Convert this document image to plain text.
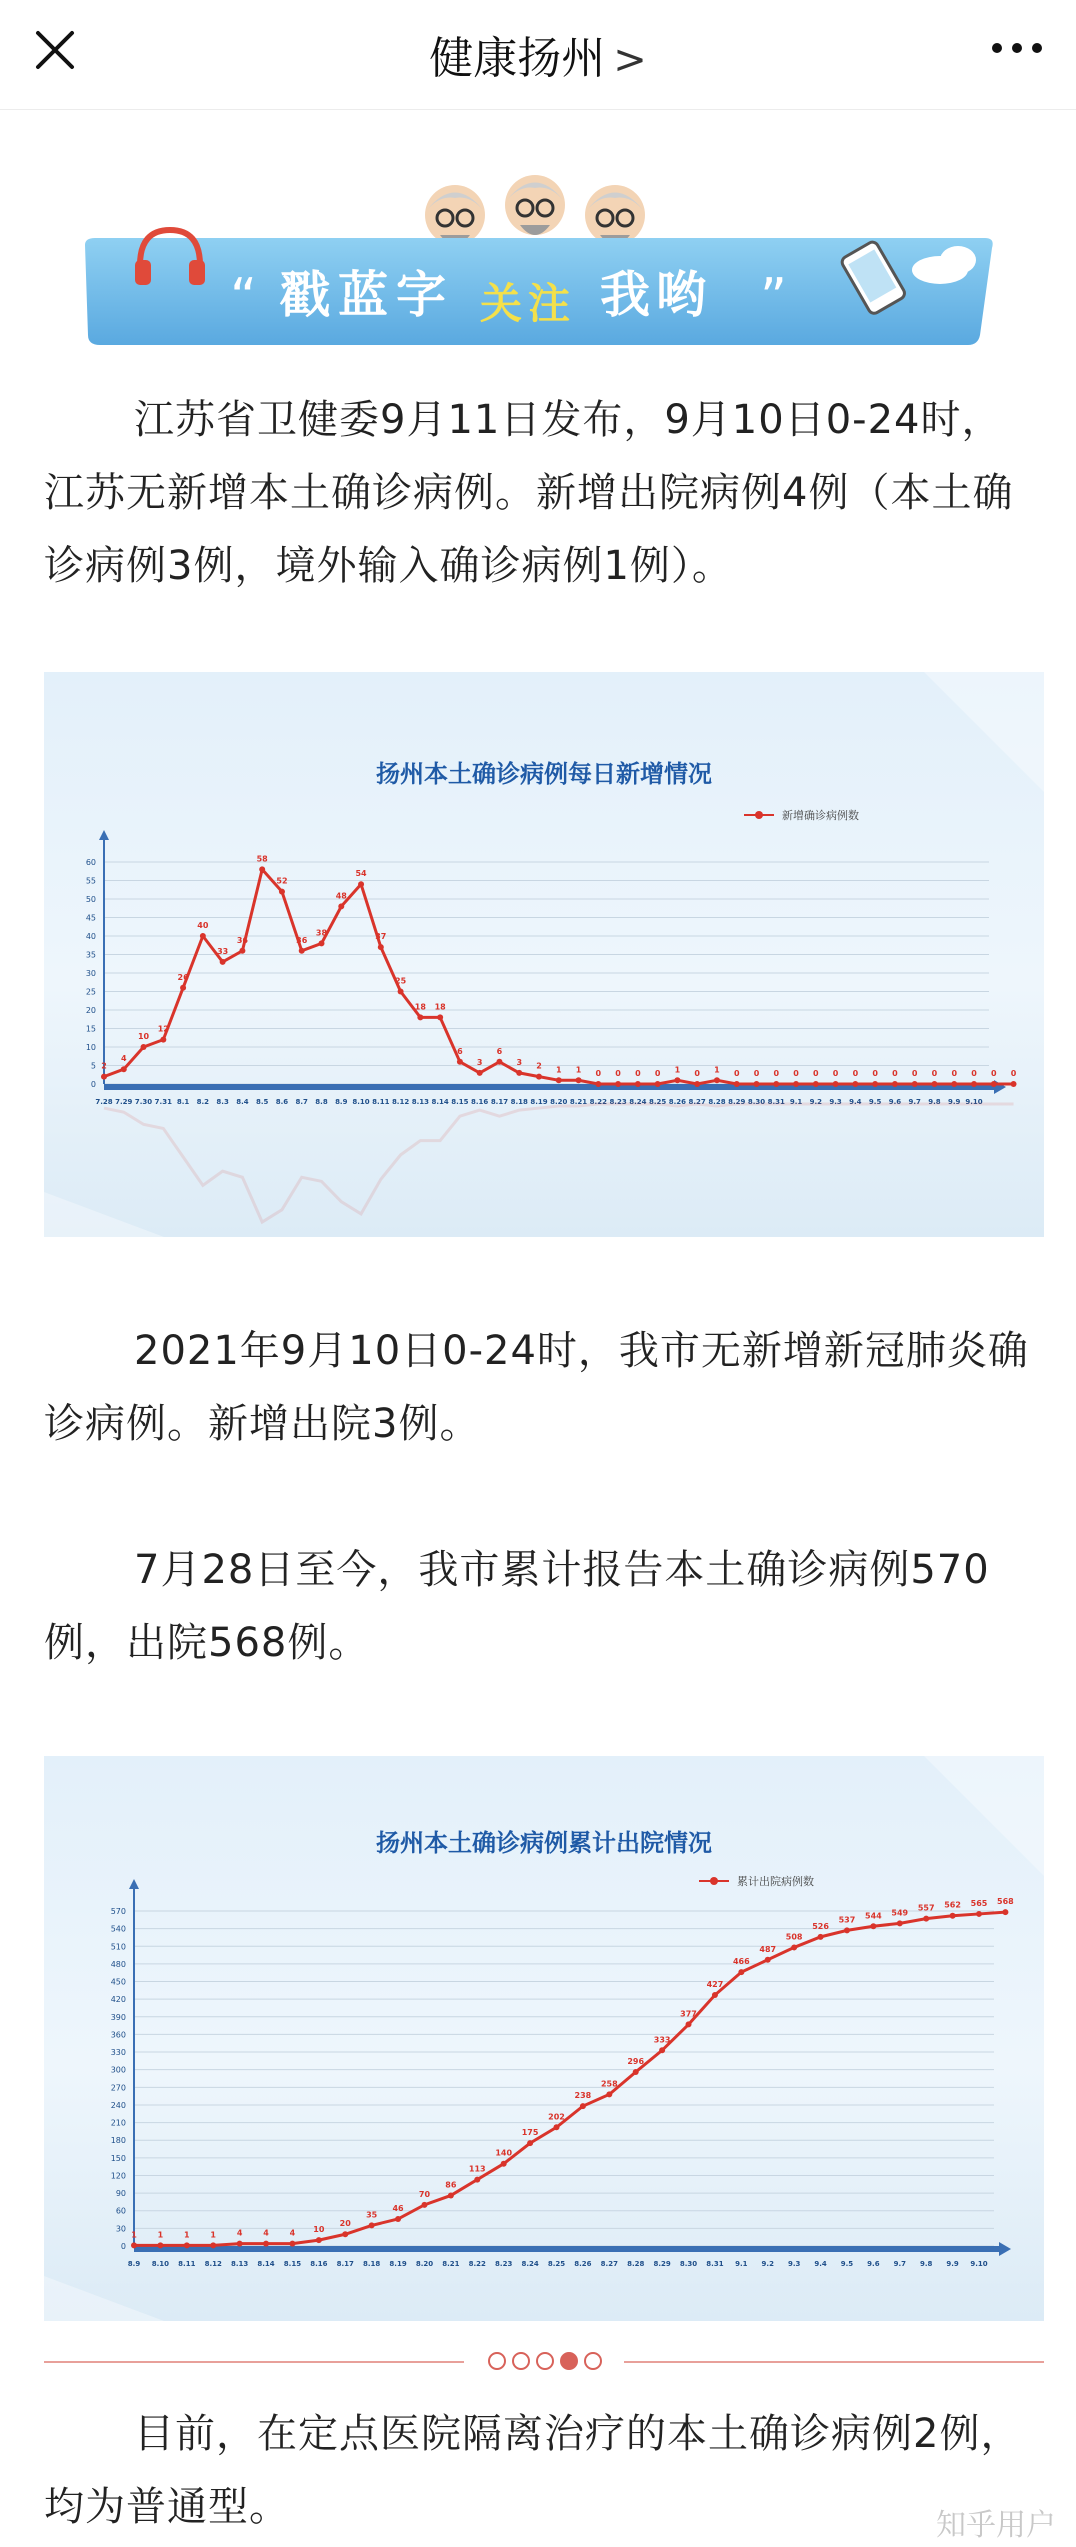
健康扬州 >
“ 戳蓝字 关注 我哟 ”

江苏省卫健委9月11日发布，9月10日0-24时，江苏无新增本土确诊病例。新增出院病例4例（本土确诊病例3例，境外输入确诊病例1例）。

扬州本土确诊病例每日新增情况
新增确诊病例数
0
5
10
15
20
25
30
35
40
45
50
55
60
7.28 7.29 7.30 7.31 8.1 8.2 8.3 8.4 8.5 8.6 8.7 8.8 8.9 8.10 8.11 8.12 8.13 8.14 8.15 8.16 8.17 8.18 8.19 8.20 8.21 8.22 8.23 8.24 8.25 8.26 8.27 8.28 8.29 8.30 8.31 9.1 9.2 9.3 9.4 9.5 9.6 9.7 9.8 9.9 9.10
2
4
10
12
26
40
33
36
58
52
36
38
48
54
37
25
18 18
6
3
6
3 2 1 1 0 0 0 0 1 0 1 0 0 0 0 0 0 0 0 0 0 0 0 0 0 0

2021年9月10日0-24时，我市无新增新冠肺炎确诊病例。新增出院3例。

7月28日至今，我市累计报告本土确诊病例570例，出院568例。

扬州本土确诊病例累计出院情况
累计出院病例数
0
30
60
90
120
150
180
210
240
270
300
330
360
390
420
450
480
510
540
570
8.9 8.10 8.11 8.12 8.13 8.14 8.15 8.16 8.17 8.18 8.19 8.20 8.21 8.22 8.23 8.24 8.25 8.26 8.27 8.28 8.29 8.30 8.31 9.1 9.2 9.3 9.4 9.5 9.6 9.7 9.8 9.9 9.10
1	1	1	1	4	4	4 10
20
35
46
70
86
113
140
175
202
238
258
296
333
377
427
466
487
508
526
537 544 549
557 562 565 568

目前，在定点医院隔离治疗的本土确诊病例2例，均为普通型。	知乎用户
